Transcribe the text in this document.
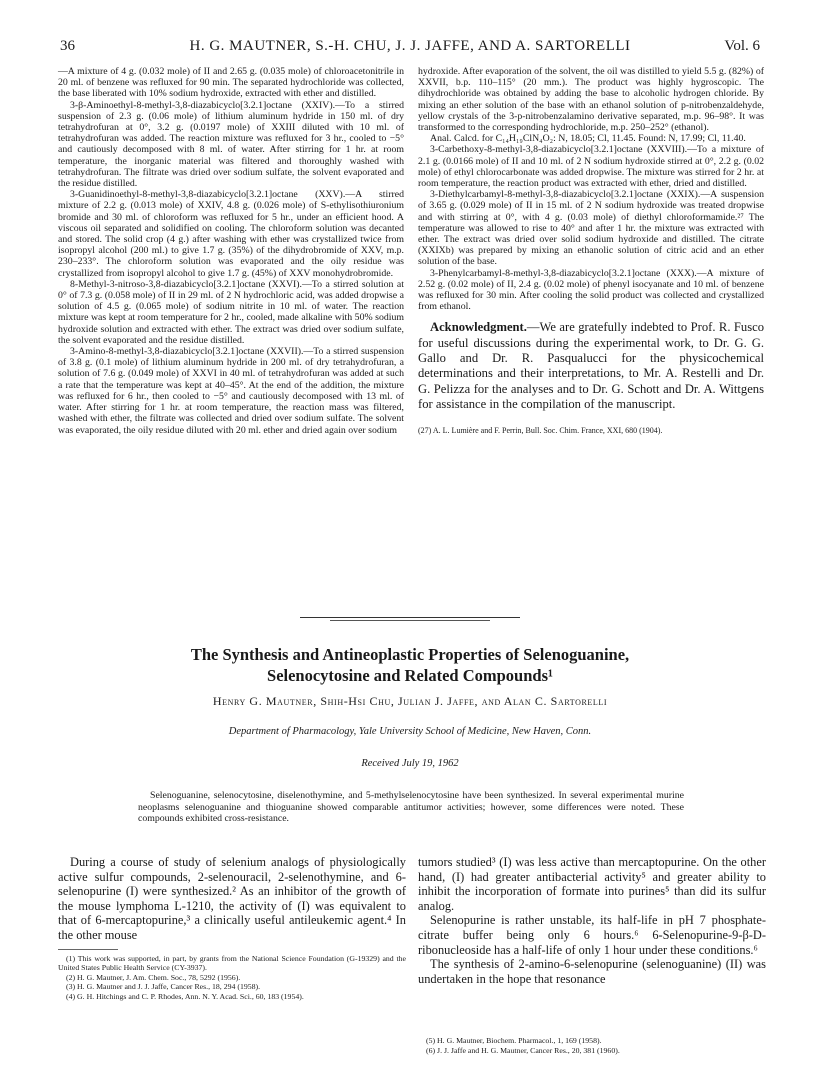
36	H. G. MAUTNER, S.-H. CHU, J. J. JAFFE, AND A. SARTORELLI	Vol. 6

—A mixture of 4 g. (0.032 mole) of II and 2.65 g. (0.035 mole) of chloroacetonitrile in 20 ml. of benzene was refluxed for 90 min. The separated hydrochloride was collected, the base liberated with 10% sodium hydroxide, extracted with ether and distilled.

3-β-Aminoethyl-8-methyl-3,8-diazabicyclo[3.2.1]octane (XXIV).—To a stirred suspension of 2.3 g. (0.06 mole) of lithium aluminum hydride in 150 ml. of dry tetrahydrofuran at 0°, 3.2 g. (0.0197 mole) of XXIII diluted with 10 ml. of tetrahydrofuran was added. The reaction mixture was refluxed for 3 hr., cooled to −5° and cautiously decomposed with 8 ml. of water. After stirring for 1 hr. at room temperature, the inorganic material was filtered and thoroughly washed with tetrahydrofuran. The filtrate was dried over sodium sulfate, the solvent evaporated and the residue distilled.

3-Guanidinoethyl-8-methyl-3,8-diazabicyclo[3.2.1]octane (XXV).—A stirred mixture of 2.2 g. (0.013 mole) of XXIV, 4.8 g. (0.026 mole) of S-ethylisothiuronium bromide and 30 ml. of chloroform was refluxed for 5 hr., under an efficient hood. A viscous oil separated and solidified on cooling. The chloroform solution was decanted and stored. The solid crop (4 g.) after washing with ether was crystallized twice from isopropyl alcohol (200 ml.) to give 1.7 g. (35%) of the dihydrobromide of XXV, m.p. 230–233°. The chloroform solution was evaporated and the oily residue was crystallized from isopropyl alcohol to give 1.7 g. (45%) of XXV monohydrobromide.

8-Methyl-3-nitroso-3,8-diazabicyclo[3.2.1]octane (XXVI).—To a stirred solution at 0° of 7.3 g. (0.058 mole) of II in 29 ml. of 2 N hydrochloric acid, was added dropwise a solution of 4.5 g. (0.065 mole) of sodium nitrite in 10 ml. of water. The reaction mixture was kept at room temperature for 2 hr., cooled, made alkaline with 50% sodium hydroxide solution and extracted with ether. The extract was dried over sodium sulfate, the solvent evaporated and the residue distilled.

3-Amino-8-methyl-3,8-diazabicyclo[3.2.1]octane (XXVII).—To a stirred suspension of 3.8 g. (0.1 mole) of lithium aluminum hydride in 200 ml. of dry tetrahydrofuran, a solution of 7.6 g. (0.049 mole) of XXVI in 40 ml. of tetrahydrofuran was added at such a rate that the temperature was kept at 40–45°. At the end of the addition, the mixture was refluxed for 6 hr., then cooled to −5° and cautiously decomposed with 13 ml. of water. After stirring for 1 hr. at room temperature, the reaction mass was filtered, washed with ether, the filtrate was collected and dried over sodium sulfate. The solvent was evaporated, the oily residue diluted with 20 ml. ether and dried again over sodium

hydroxide. After evaporation of the solvent, the oil was distilled to yield 5.5 g. (82%) of XXVII, b.p. 110–115° (20 mm.). The product was highly hygroscopic. The dihydrochloride was obtained by adding the base to alcoholic hydrogen chloride. By mixing an ether solution of the base with an ethanol solution of p-nitrobenzaldehyde, yellow crystals of the 3-p-nitrobenzalamino derivative separated, m.p. 96–98°. It was transformed to the corresponding hydrochloride, m.p. 250–252° (ethanol).

Anal. Calcd. for C₁₄H₁₉ClN₄O₂: N, 18.05; Cl, 11.45. Found: N, 17.99; Cl, 11.40.

3-Carbethoxy-8-methyl-3,8-diazabicyclo[3.2.1]octane (XXVIII).—To a mixture of 2.1 g. (0.0166 mole) of II and 10 ml. of 2 N sodium hydroxide stirred at 0°, 2.2 g. (0.02 mole) of ethyl chlorocarbonate was added dropwise. The mixture was stirred for 2 hr. at room temperature, the reaction product was extracted with ether, dried and distilled.

3-Diethylcarbamyl-8-methyl-3,8-diazabicyclo[3.2.1]octane (XXIX).—A suspension of 3.65 g. (0.029 mole) of II in 15 ml. of 2 N sodium hydroxide was treated dropwise and with stirring at 0°, with 4 g. (0.03 mole) of diethyl chloroformamide.²⁷ The temperature was allowed to rise to 40° and after 1 hr. the mixture was extracted with ether. The extract was dried over solid sodium hydroxide and distilled. The citrate (XXIXb) was prepared by mixing an ethanolic solution of citric acid and an ether solution of the base.

3-Phenylcarbamyl-8-methyl-3,8-diazabicyclo[3.2.1]octane (XXX).—A mixture of 2.52 g. (0.02 mole) of II, 2.4 g. (0.02 mole) of phenyl isocyanate and 10 ml. of benzene was refluxed for 30 min. After cooling the solid product was collected and crystallized from ethanol.

Acknowledgment.—We are gratefully indebted to Prof. R. Fusco for useful discussions during the experimental work, to Dr. G. G. Gallo and Dr. R. Pasqualucci for the physicochemical determinations and their interpretations, to Mr. A. Restelli and Dr. G. Pelizza for the analyses and to Dr. G. Schott and Dr. A. Wittgens for assistance in the compilation of the manuscript.
(27) A. L. Lumière and F. Perrin, Bull. Soc. Chim. France, XXI, 680 (1904).
The Synthesis and Antineoplastic Properties of Selenoguanine,
Selenocytosine and Related Compounds¹
Henry G. Mautner, Shih-Hsi Chu, Julian J. Jaffe, and Alan C. Sartorelli
Department of Pharmacology, Yale University School of Medicine, New Haven, Conn.
Received July 19, 1962
Selenoguanine, selenocytosine, diselenothymine, and 5-methylselenocytosine have been synthesized. In several experimental murine neoplasms selenoguanine and thioguanine showed comparable antitumor activities; however, some differences were noted. These compounds exhibited cross-resistance.

During a course of study of selenium analogs of physiologically active sulfur compounds, 2-selenouracil, 2-selenothymine, and 6-selenopurine (I) were synthesized.² As an inhibitor of the growth of the mouse lymphoma L-1210, the activity of (I) was equivalent to that of 6-mercaptopurine,³ a clinically useful antileukemic agent.⁴ In the other mouse

(1) This work was supported, in part, by grants from the National Science Foundation (G-19329) and the United States Public Health Service (CY-3937).
(2) H. G. Mautner, J. Am. Chem. Soc., 78, 5292 (1956).
(3) H. G. Mautner and J. J. Jaffe, Cancer Res., 18, 294 (1958).
(4) G. H. Hitchings and C. P. Rhodes, Ann. N. Y. Acad. Sci., 60, 183 (1954).

tumors studied³ (I) was less active than mercaptopurine. On the other hand, (I) had greater antibacterial activity⁵ and greater ability to inhibit the incorporation of formate into purines⁵ than did its sulfur analog.

Selenopurine is rather unstable, its half-life in pH 7 phosphate-citrate buffer being only 6 hours.⁶ 6-Selenopurine-9-β-D-ribonucleoside has a half-life of only 1 hour under these conditions.⁶

The synthesis of 2-amino-6-selenopurine (selenoguanine) (II) was undertaken in the hope that resonance

(5) H. G. Mautner, Biochem. Pharmacol., 1, 169 (1958).
(6) J. J. Jaffe and H. G. Mautner, Cancer Res., 20, 381 (1960).
